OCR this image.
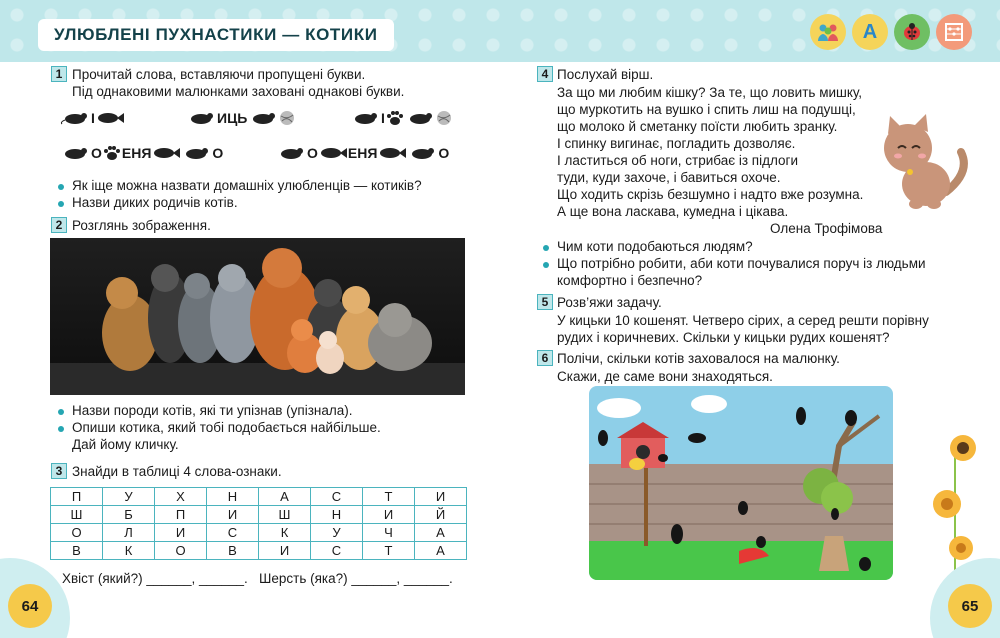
УЛЮБЛЕНІ ПУХНАСТИКИ — КОТИКИ	A
1 Прочитай слова, вставляючи пропущені букви.
Під однаковими малюнками заховані однакові букви.
І	ИЦЬ	І
О ЕНЯ	О	О ЕНЯ	О
Як іще можна назвати домашніх улюбленців — котиків?
Назви диких родичів котів.
2 Розглянь зображення.
Назви породи котів, які ти упізнав (упізнала).
Опиши котика, який тобі подобається найбільше.
Дай йому кличку.
3 Знайди в таблиці 4 слова-ознаки.
П	У	Х	Н	А	С	Т	И
Ш	Б	П	И	Ш	Н	И	Й
О	Л	И	С	К	У	Ч	А
В	К	О	В	И	С	Т	А
Хвіст (який?) ______, ______.   Шерсть (яка?) ______, ______.
64
4 Послухай вірш.
За що ми любим кішку? За те, що ловить мишку,
що муркотить на вушко і спить лиш на подушці,
що молоко й сметанку поїсти любить зранку.
І спинку вигинає, погладить дозволяє.
І ластиться об ноги, стрибає із підлоги
туди, куди захоче, і бавиться охоче.
Що ходить скрізь безшумно і надто вже розумна.
А ще вона ласкава, кумедна і цікава.
Олена Трофімова
Чим коти подобаються людям?
Що потрібно робити, аби коти почувалися поруч із людьми
комфортно і безпечно?
5 Розв’яжи задачу.
У кицьки 10 кошенят. Четверо сірих, а серед решти порівну
рудих і коричневих. Скільки у кицьки рудих кошенят?
6 Полічи, скільки котів заховалося на малюнку.
Скажи, де саме вони знаходяться.
65
